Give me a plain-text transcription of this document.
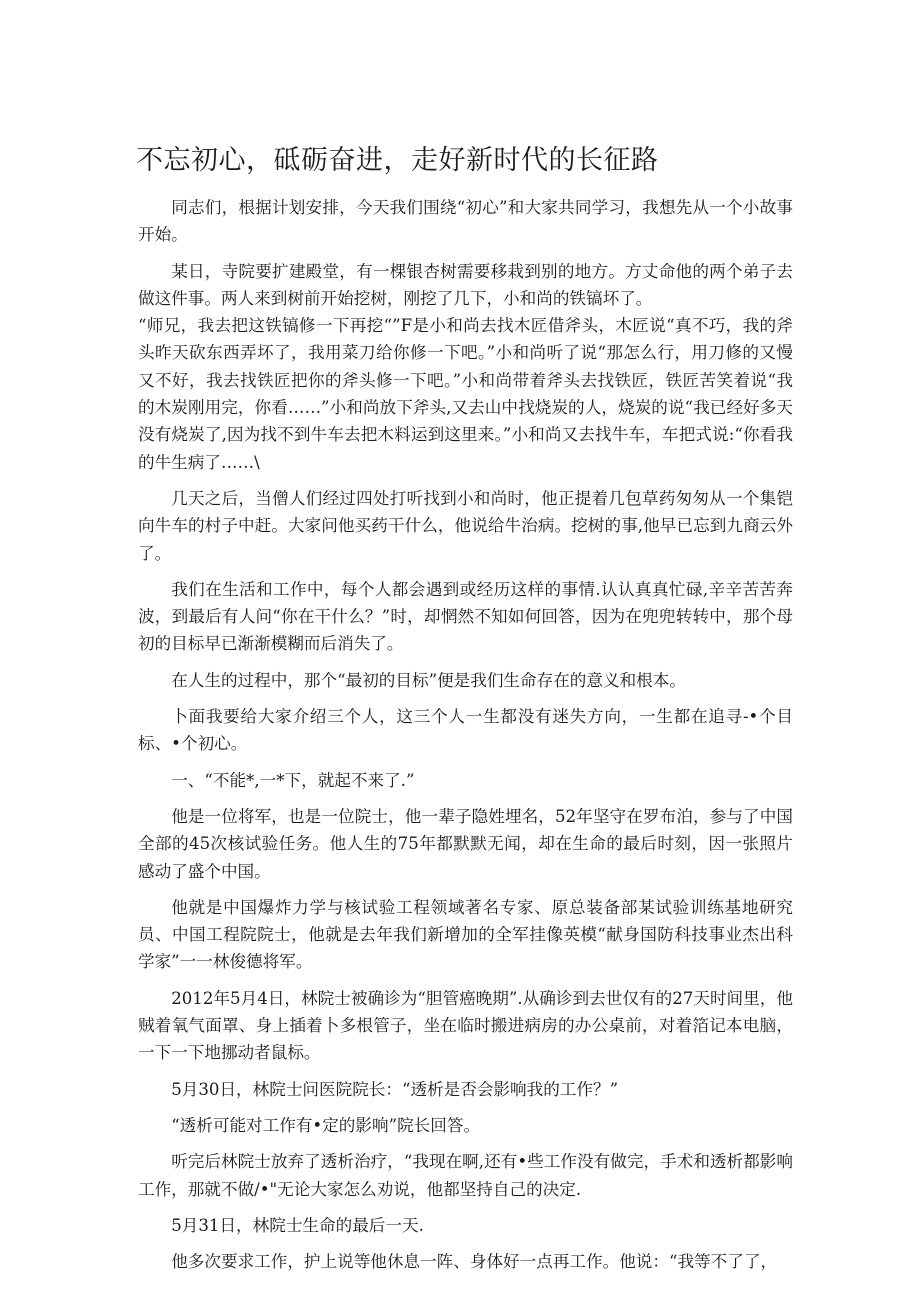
不忘初心，砥砺奋进，走好新时代的长征路

同志们，根据计划安排，今天我们围绕“初心”和大家共同学习，我想先从一个小故事开始。

某日，寺院要扩建殿堂，有一棵银杏树需要移栽到别的地方。方丈命他的两个弟子去做这件事。两人来到树前开始挖树，刚挖了几下，小和尚的铁镐坏了。

“师兄，我去把这铁镐修一下再挖“”F是小和尚去找木匠借斧头，木匠说“真不巧，我的斧头昨天砍东西弄坏了，我用菜刀给你修一下吧。”小和尚听了说“那怎么行，用刀修的又慢又不好，我去找铁匠把你的斧头修一下吧。”小和尚带着斧头去找铁匠，铁匠苦笑着说“我的木炭刚用完，你看……”小和尚放下斧头,又去山中找烧炭的人，烧炭的说“我已经好多天没有烧炭了,因为找不到牛车去把木料运到这里来。”小和尚又去找牛车，车把式说:“你看我的牛生病了……\

几天之后，当僧人们经过四处打听找到小和尚时，他正提着几包草药匆匆从一个集铠向牛车的村子中赶。大家问他买药干什么，他说给牛治病。挖树的事,他早已忘到九商云外了。

我们在生活和工作中，每个人都会遇到或经历这样的事情.认认真真忙碌,辛辛苦苦奔波，到最后有人问“你在干什么？”时，却惘然不知如何回答，因为在兜兜转转中，那个母初的目标早已渐渐模糊而后消失了。

在人生的过程中，那个“最初的目标”便是我们生命存在的意义和根本。

卜面我要给大家介绍三个人，这三个人一生都没有迷失方向，一生都在追寻-•个目标、•个初心。

一、“不能*,一*下，就起不来了.”

他是一位将军，也是一位院士，他一辈子隐姓埋名，52年坚守在罗布泊，参与了中国全部的45次核试验任务。他人生的75年都默默无闻，却在生命的最后时刻，因一张照片感动了盛个中国。

他就是中国爆炸力学与核试验工程领域著名专家、原总装备部某试验训练基地研究员、中国工程院院士，他就是去年我们新增加的全军挂像英模“献身国防科技事业杰出科学家”一一林俊德将军。

2012年5月4日，林院士被确诊为“胆管癌晚期”.从确诊到去世仅有的27天时间里，他贼着氧气面罩、身上插着卜多根管子，坐在临时搬进病房的办公桌前，对着箔记本电脑，一下一下地挪动者鼠标。

5月30日，林院士问医院院长：“透析是否会影响我的工作？”

“透析可能对工作有•定的影响”院长回答。

听完后林院士放弃了透析治疗，“我现在啊,还有•些工作没有做完，手术和透析都影响工作，那就不做/•"无论大家怎么劝说，他都坚持自己的决定.

5月31日，林院士生命的最后一天.

他多次要求工作，护上说等他休息一阵、身体好一点再工作。他说：“我等不了了，
